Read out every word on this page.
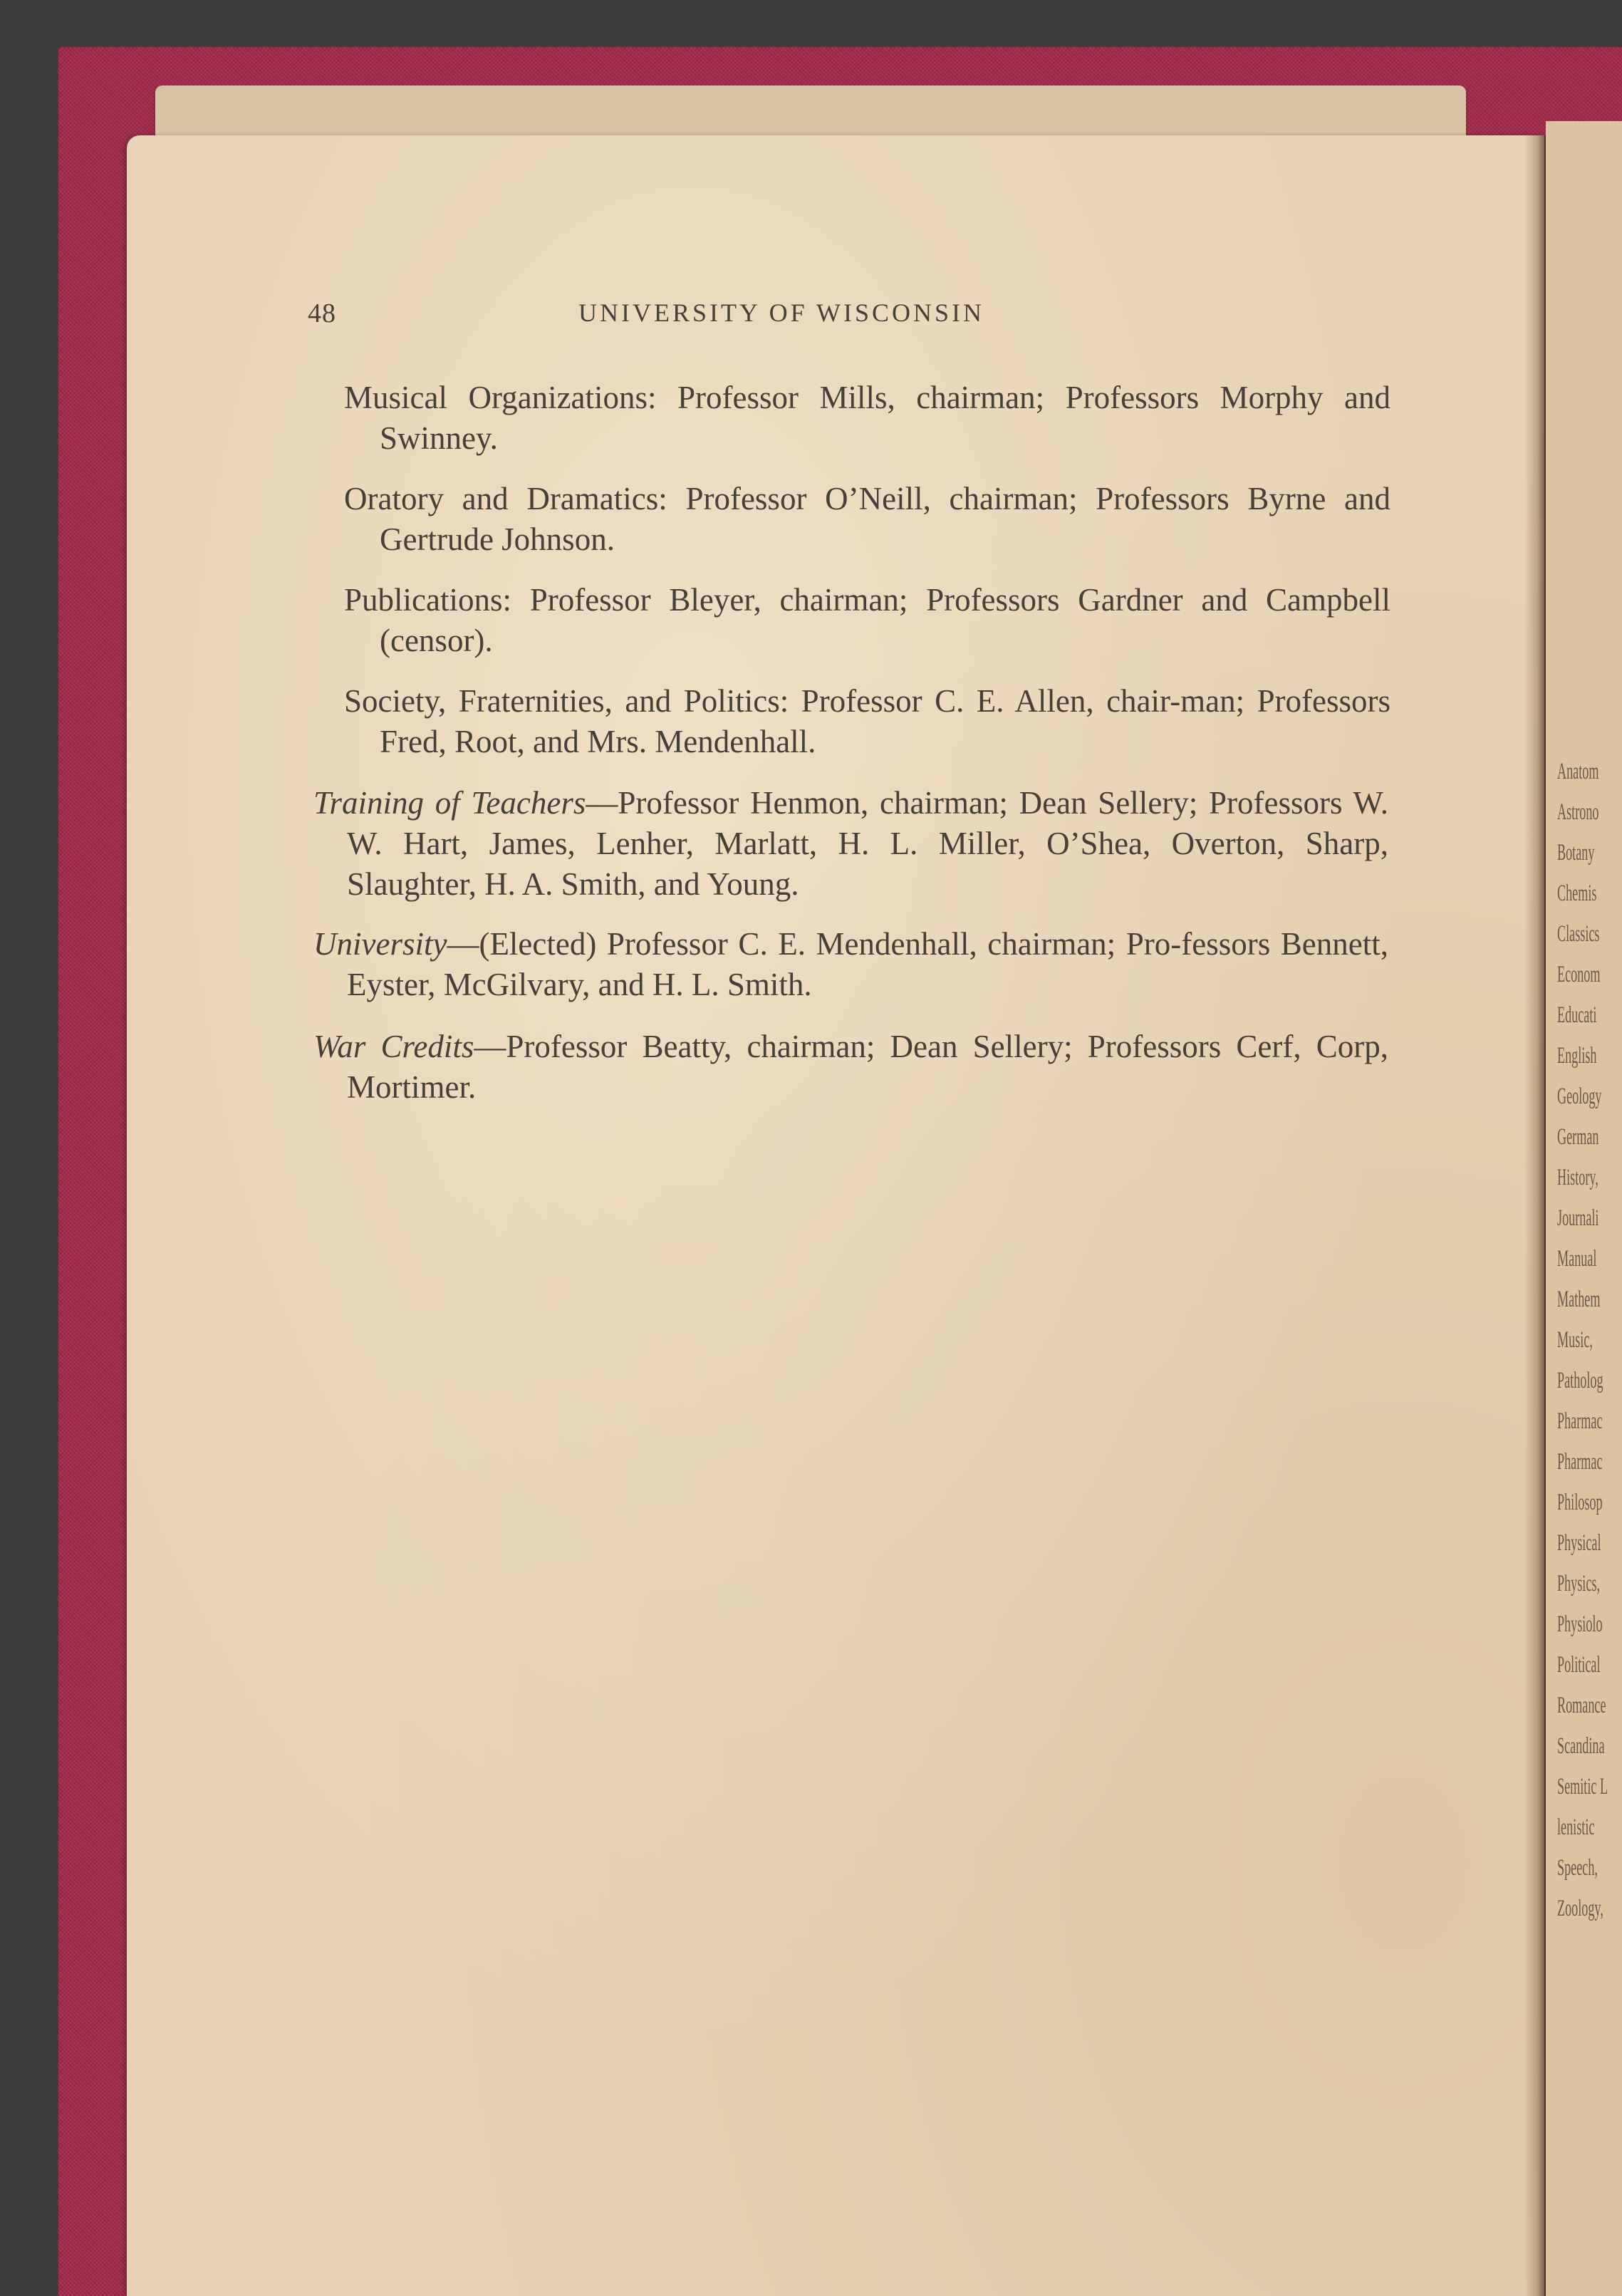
Anatom
Astrono
Botany
Chemis
Classics
Econom
Educati
English
Geology
German
History,
Journali
Manual
Mathem
Music,
Patholog
Pharmac
Pharmac
Philosop
Physical
Physics,
Physiolo
Political
Romance
Scandina
Semitic L
lenistic
Speech,
Zoology,
48	UNIVERSITY OF WISCONSIN

Musical Organizations: Professor Mills, chairman; Professors Morphy and Swinney.

Oratory and Dramatics: Professor O’Neill, chairman; Professors Byrne and Gertrude Johnson.

Publications: Professor Bleyer, chairman; Professors Gardner and Campbell (censor).

Society, Fraternities, and Politics: Professor C. E. Allen, chair-man; Professors Fred, Root, and Mrs. Mendenhall.

Training of Teachers—Professor Henmon, chairman; Dean Sellery; Professors W. W. Hart, James, Lenher, Marlatt, H. L. Miller, O’Shea, Overton, Sharp, Slaughter, H. A. Smith, and Young.

University—(Elected) Professor C. E. Mendenhall, chairman; Pro-fessors Bennett, Eyster, McGilvary, and H. L. Smith.

War Credits—Professor Beatty, chairman; Dean Sellery; Professors Cerf, Corp, Mortimer.
